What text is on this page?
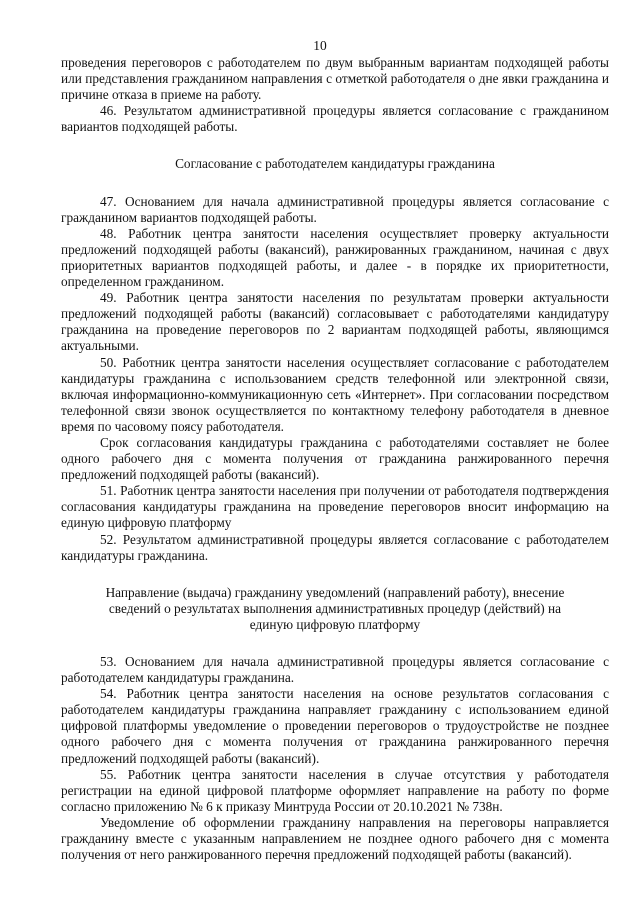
10

проведения переговоров с работодателем по двум выбранным вариантам подходящей работы или представления гражданином направления с отметкой работодателя о дне явки гражданина и причине отказа в приеме на работу.

46. Результатом административной процедуры является согласование с гражданином вариантов подходящей работы.

Согласование с работодателем кандидатуры гражданина

47. Основанием для начала административной процедуры является согласование с гражданином вариантов подходящей работы.

48. Работник центра занятости населения осуществляет проверку актуальности предложений подходящей работы (вакансий), ранжированных гражданином, начиная с двух приоритетных вариантов подходящей работы, и далее - в порядке их приоритетности, определенном гражданином.

49. Работник центра занятости населения по результатам проверки актуальности предложений подходящей работы (вакансий) согласовывает с работодателями кандидатуру гражданина на проведение переговоров по 2 вариантам подходящей работы, являющимся актуальными.

50. Работник центра занятости населения осуществляет согласование с работодателем кандидатуры гражданина с использованием средств телефонной или электронной связи, включая информационно-коммуникационную сеть «Интернет». При согласовании посредством телефонной связи звонок осуществляется по контактному телефону работодателя в дневное время по часовому поясу работодателя.

Срок согласования кандидатуры гражданина с работодателями составляет не более одного рабочего дня с момента получения от гражданина ранжированного перечня предложений подходящей работы (вакансий).

51. Работник центра занятости населения при получении от работодателя подтверждения согласования кандидатуры гражданина на проведение переговоров вносит информацию на единую цифровую платформу

52. Результатом административной процедуры является согласование с работодателем кандидатуры гражданина.

Направление (выдача) гражданину уведомлений (направлений работу), внесение сведений о результатах выполнения административных процедур (действий) на единую цифровую платформу

53. Основанием для начала административной процедуры является согласование с работодателем кандидатуры гражданина.

54. Работник центра занятости населения на основе результатов согласования с работодателем кандидатуры гражданина направляет гражданину с использованием единой цифровой платформы уведомление о проведении переговоров о трудоустройстве не позднее одного рабочего дня с момента получения от гражданина ранжированного перечня предложений подходящей работы (вакансий).

55. Работник центра занятости населения в случае отсутствия у работодателя регистрации на единой цифровой платформе оформляет направление на работу по форме согласно приложению № 6 к приказу Минтруда России от 20.10.2021 № 738н.

Уведомление об оформлении гражданину направления на переговоры направляется гражданину вместе с указанным направлением не позднее одного рабочего дня с момента получения от него ранжированного перечня предложений подходящей работы (вакансий).
